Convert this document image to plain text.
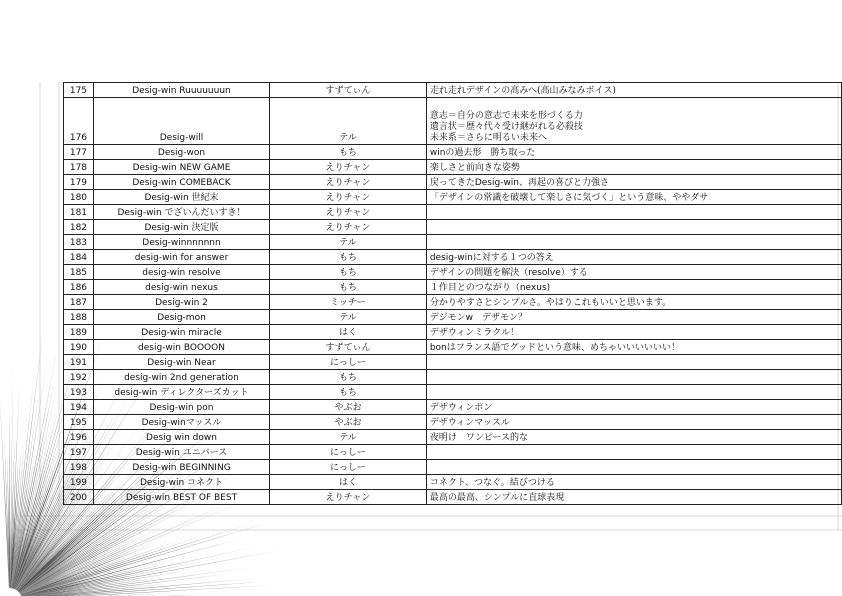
175	Desig-win Ruuuuuuun	すずてぃん	走れ走れデザインの高みへ(高山みなみボイス)

176	Desig-will	テル	意志＝自分の意志で未来を形づくる力
遺言状＝歴々代々受け継がれる必殺技
未来系＝さらに明るい未来へ

177	Desig-won	もち	winの過去形　勝ち取った

178	Desig-win NEW GAME	えりチャン	楽しさと前向きな姿勢

179	Desig-win COMEBACK	えりチャン	戻ってきたDesig-win、再起の喜びと力強さ

180	Desig-win 世紀末	えりチャン	「デザインの常識を破壊して楽しさに気づく」という意味、ややダサ

181	Desig-win でざいんだいすき！	えりチャン	

182	Desig-win 決定版	えりチャン	

183	Desig-winnnnnnn	テル	

184	desig-win for answer	もち	desig-winに対する１つの答え

185	desig-win resolve	もち	デザインの問題を解決（resolve）する

186	desig-win nexus	もち	１作目とのつながり（nexus)

187	Desig-win 2	ミッチー	分かりやすさとシンプルさ。やはりこれもいいと思います。

188	Desig-mon	テル	デジモンw　デザモン？

189	Desig-win miracle	はく	デザウィンミラクル！

190	desig-win BOOOON	すずてぃん	bonはフランス語でグッドという意味、めちゃいいいいいい！

191	Desig-win Near	にっしー	

192	desig-win 2nd generation	もち	

193	desig-win ディレクターズカット	もち	

194	Desig-win pon	やぶお	デザウィンポン

195	Desig-winマッスル	やぶお	デザウィンマッスル

196	Desig win down	テル	夜明け　ワンピース的な

197	Desig-win ユニバース	にっしー	

198	Desig-win BEGINNING	にっしー	

199	Desig-win コネクト	はく	コネクト、つなぐ。結びつける

200	Desig-win BEST OF BEST	えりチャン	最高の最高、シンプルに直球表現
